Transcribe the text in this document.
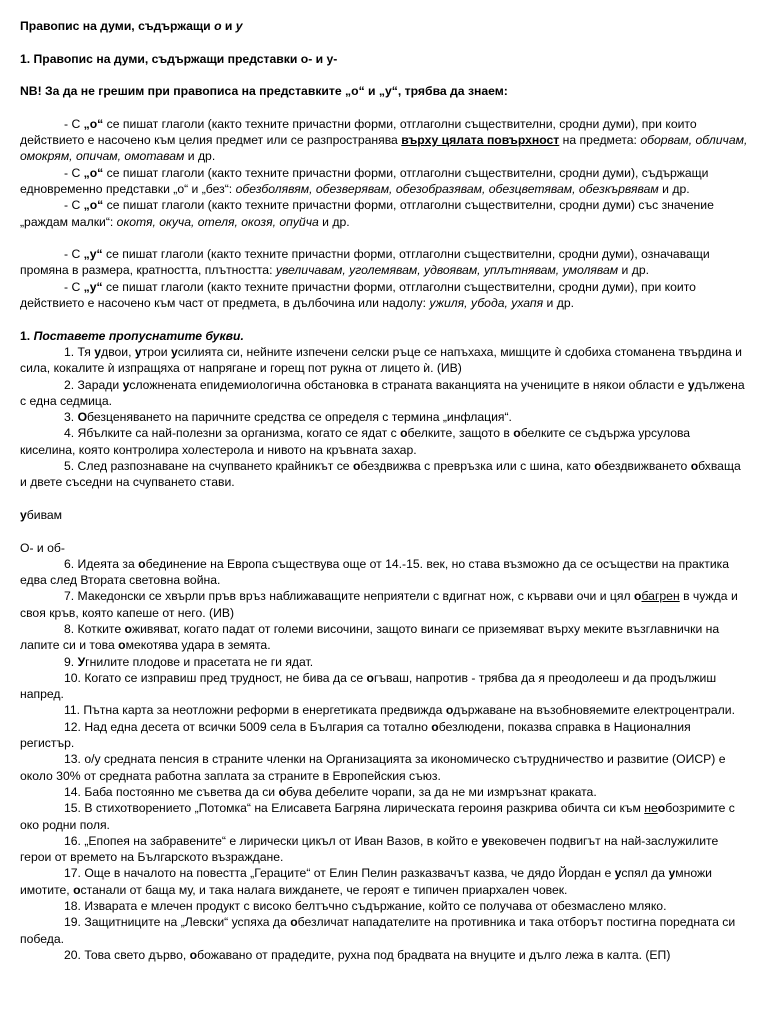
Правопис на думи, съдържащи о и у

1. Правопис на думи, съдържащи представки о- и у-

NB! За да не грешим при правописа на представките „о“ и „у“, трябва да знаем:

- С „о“ се пишат глаголи (както техните причастни форми, отглаголни съществителни, сродни думи), при които действието е насочено към целия предмет или се разпространява върху цялата повърхност на предмета: оборвам, обличам, омокрям, опичам, омотавам и др.

- С „о“ се пишат глаголи (както техните причастни форми, отглаголни съществителни, сродни думи), съдържащи едновременно представки „о“ и „без“: обезболявям, обезверявам, обезобразявам, обезцветявам, обезкървявам и др.

- С „о“ се пишат глаголи (както техните причастни форми, отглаголни съществителни, сродни думи) със значение „раждам малки“: окотя, окуча, отеля, окозя, опуйча и др.

- С „у“ се пишат глаголи (както техните причастни форми, отглаголни съществителни, сродни думи), означаващи промяна в размера, кратността, плътността: увеличавам, уголемявам, удвоявам, уплътнявам, умолявам и др.

- С „у“ се пишат глаголи (както техните причастни форми, отглаголни съществителни, сродни думи), при които действието е насочено към част от предмета, в дълбочина или надолу: ужиля, убода, ухапя и др.

1. Поставете пропуснатите букви.

1. Тя удвои, утрои усилията си, нейните изпечени селски ръце се напъхаха, мишците ѝ сдобиха стоманена твърдина и сила, кокалите ѝ изпращяха от напрягане и горещ пот рукна от лицето ѝ. (ИВ)

2. Заради усложнената епидемиологична обстановка в страната ваканцията на учениците в някои области е удължена с една седмица.

3. Обезценяването на паричните средства се определя с термина „инфлация“.

4. Ябълките са най-полезни за организма, когато се ядат с обелките, защото в обелките се съдържа урсулова киселина, която контролира холестерола и нивото на кръвната захар.

5. След разпознаване на счупването крайникът се обездвижва с превръзка или с шина, като обездвижването обхваща и двете съседни на счупването стави.

убивам

О- и об-

6. Идеята за обединение на Европа съществува още от 14.-15. век, но става възможно да се осъществи на практика едва след Втората световна война.

7. Македонски се хвърли пръв връз наближаващите неприятели с вдигнат нож, с кървави очи и цял обагрен в чужда и своя кръв, която капеше от него. (ИВ)

8. Котките оживяват, когато падат от големи височини, защото винаги се приземяват върху меките възглавнички на лапите си и това омекотява удара в земята.

9. Угнилите плодове и прасетата не ги ядат.

10. Когато се изправиш пред трудност, не бива да се огъваш, напротив - трябва да я преодолееш и да продължиш напред.

11. Пътна карта за неотложни реформи в енергетиката предвижда одържаване на възобновяемите електроцентрали.

12. Над една десета от всички 5009 села в България са тотално обезлюдени, показва справка в Националния регистър.

13. о/у средната пенсия в страните членки на Организацията за икономическо сътрудничество и развитие (ОИСР) е около 30% от средната работна заплата за страните в Европейския съюз.

14. Баба постоянно ме съветва да си обува дебелите чорапи, за да не ми измръзнат краката.

15. В стихотворението „Потомка“ на Елисавета Багряна лирическата героиня разкрива обичта си към необозримите с око родни поля.

16. „Епопея на забравените“ е лирически цикъл от Иван Вазов, в който е увековечен подвигът на най-заслужилите герои от времето на Българското възраждане.

17. Още в началото на повестта „Гераците“ от Елин Пелин разказвачът казва, че дядо Йордан е успял да умножи имотите, останали от баща му, и така налага вижданете, че героят е типичен приархален човек.

18. Изварата е млечен продукт с високо белтъчно съдържание, който се получава от обезмаслено мляко.

19. Защитниците на „Левски“ успяха да обезличат нападателите на противника и така отборът постигна поредната си победа.

20. Това свето дърво, обожавано от прадедите, рухна под брадвата на внуците и дълго лежа в калта. (ЕП)
